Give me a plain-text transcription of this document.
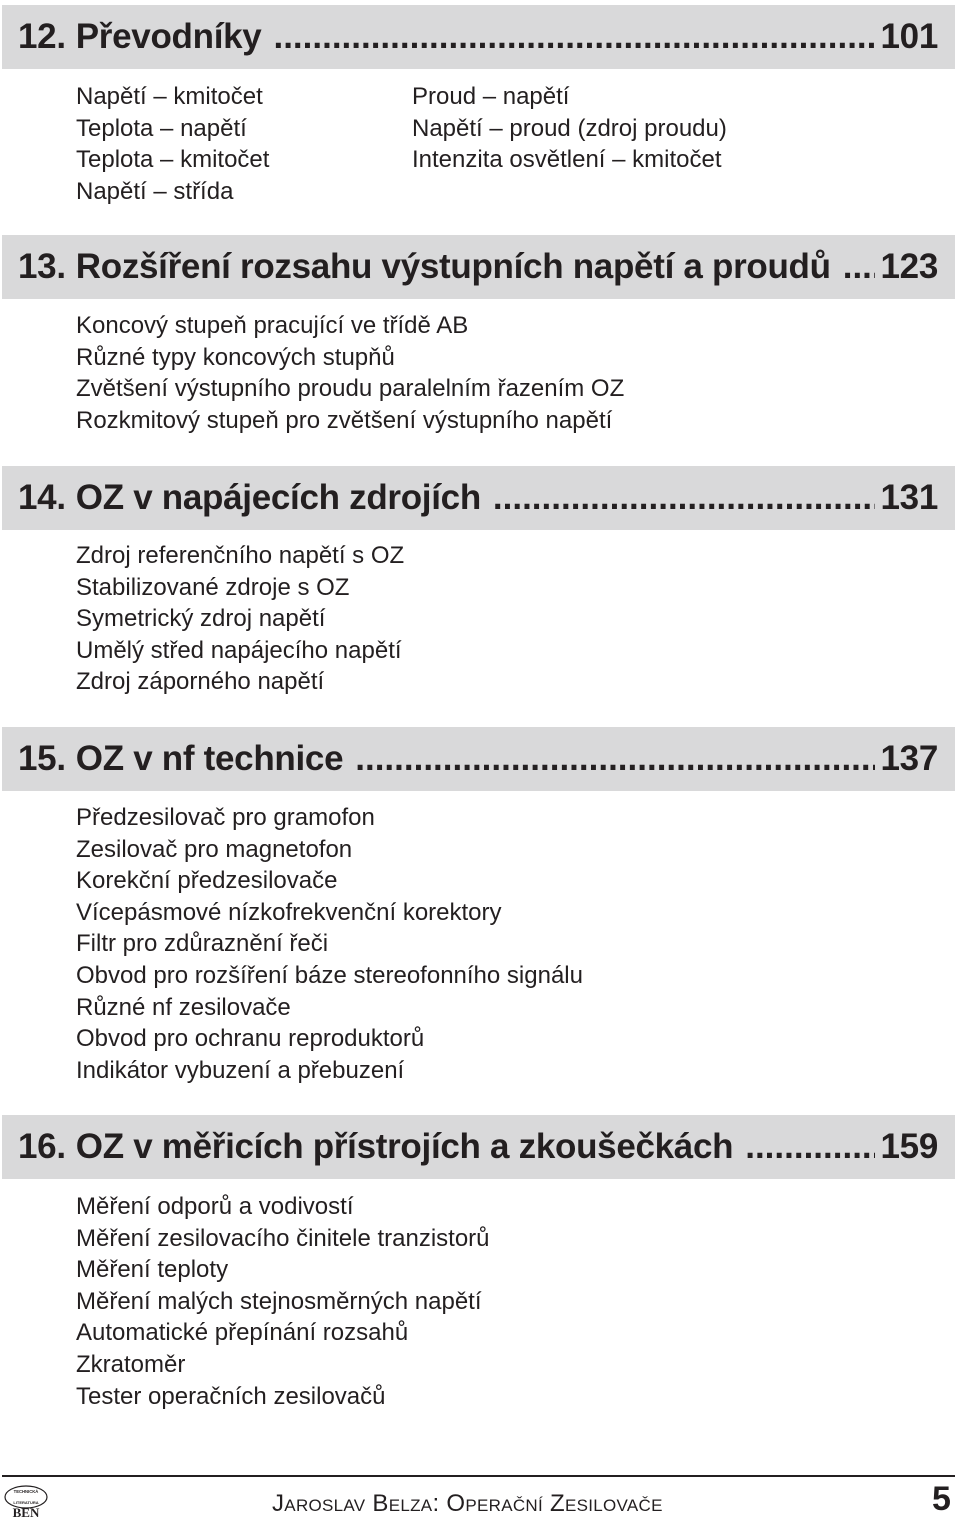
12. Převodníky .....	101
Napětí – kmitočet
Teplota – napětí
Teplota – kmitočet
Napětí – střída
Proud – napětí
Napětí – proud (zdroj proudu)
Intenzita osvětlení – kmitočet
13. Rozšíření rozsahu výstupních napětí a proudů ..... 123
Koncový stupeň pracující ve třídě AB
Různé typy koncových stupňů
Zvětšení výstupního proudu paralelním řazením OZ
Rozkmitový stupeň pro zvětšení výstupního napětí
14. OZ v napájecích zdrojích .....	131
Zdroj referenčního napětí s OZ
Stabilizované zdroje s OZ
Symetrický zdroj napětí
Umělý střed napájecího napětí
Zdroj záporného napětí
15. OZ v nf technice .....	137
Předzesilovač pro gramofon
Zesilovač pro magnetofon
Korekční předzesilovače
Vícepásmové nízkofrekvenční korektory
Filtr pro zdůraznění řeči
Obvod pro rozšíření báze stereofonního signálu
Různé nf zesilovače
Obvod pro ochranu reproduktorů
Indikátor vybuzení a přebuzení
16. OZ v měřicích přístrojích a zkoušečkách .....	159
Měření odporů a vodivostí
Měření zesilovacího činitele tranzistorů
Měření teploty
Měření malých stejnosměrných napětí
Automatické přepínání rozsahů
Zkratoměr
Tester operačních zesilovačů
TECHNICKÁ
LITERATURA
BEN	Jaroslav Belza: Operační Zesilovače	5
